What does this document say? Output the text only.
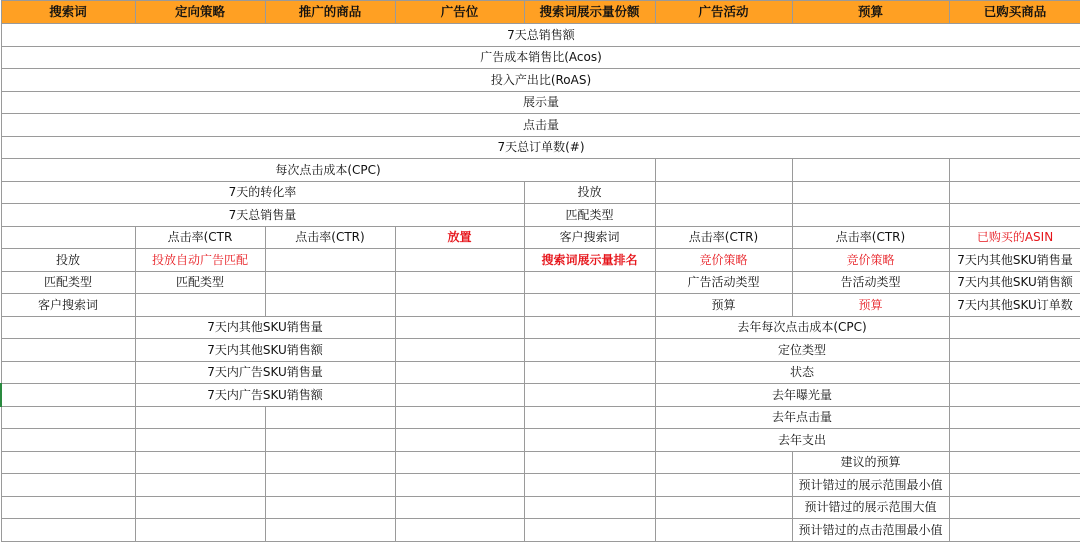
搜索词	定向策略	推广的商品	广告位	搜索词展示量份额	广告活动	预算	已购买商品
7天总销售额							
广告成本销售比(Acos)							
投入产出比(RoAS)							
展示量							
点击量							
7天总订单数(#)							
每次点击成本(CPC)							
7天的转化率				投放			
7天总销售量				匹配类型			
	点击率(CTR	点击率(CTR)	放置	客户搜索词	点击率(CTR)	点击率(CTR)	已购买的ASIN
投放	投放自动广告匹配			搜索词展示量排名	竞价策略	竞价策略	7天内其他SKU销售量
匹配类型	匹配类型				广告活动类型	告活动类型	7天内其他SKU销售额
客户搜索词					预算	预算	7天内其他SKU订单数
	7天内其他SKU销售量				去年每次点击成本(CPC)		
	7天内其他SKU销售额				定位类型		
	7天内广告SKU销售量				状态		
	7天内广告SKU销售额				去年曝光量		
					去年点击量		
					去年支出		
						建议的预算	
						预计错过的展示范围最小值	
						预计错过的展示范围大值	
						预计错过的点击范围最小值	
